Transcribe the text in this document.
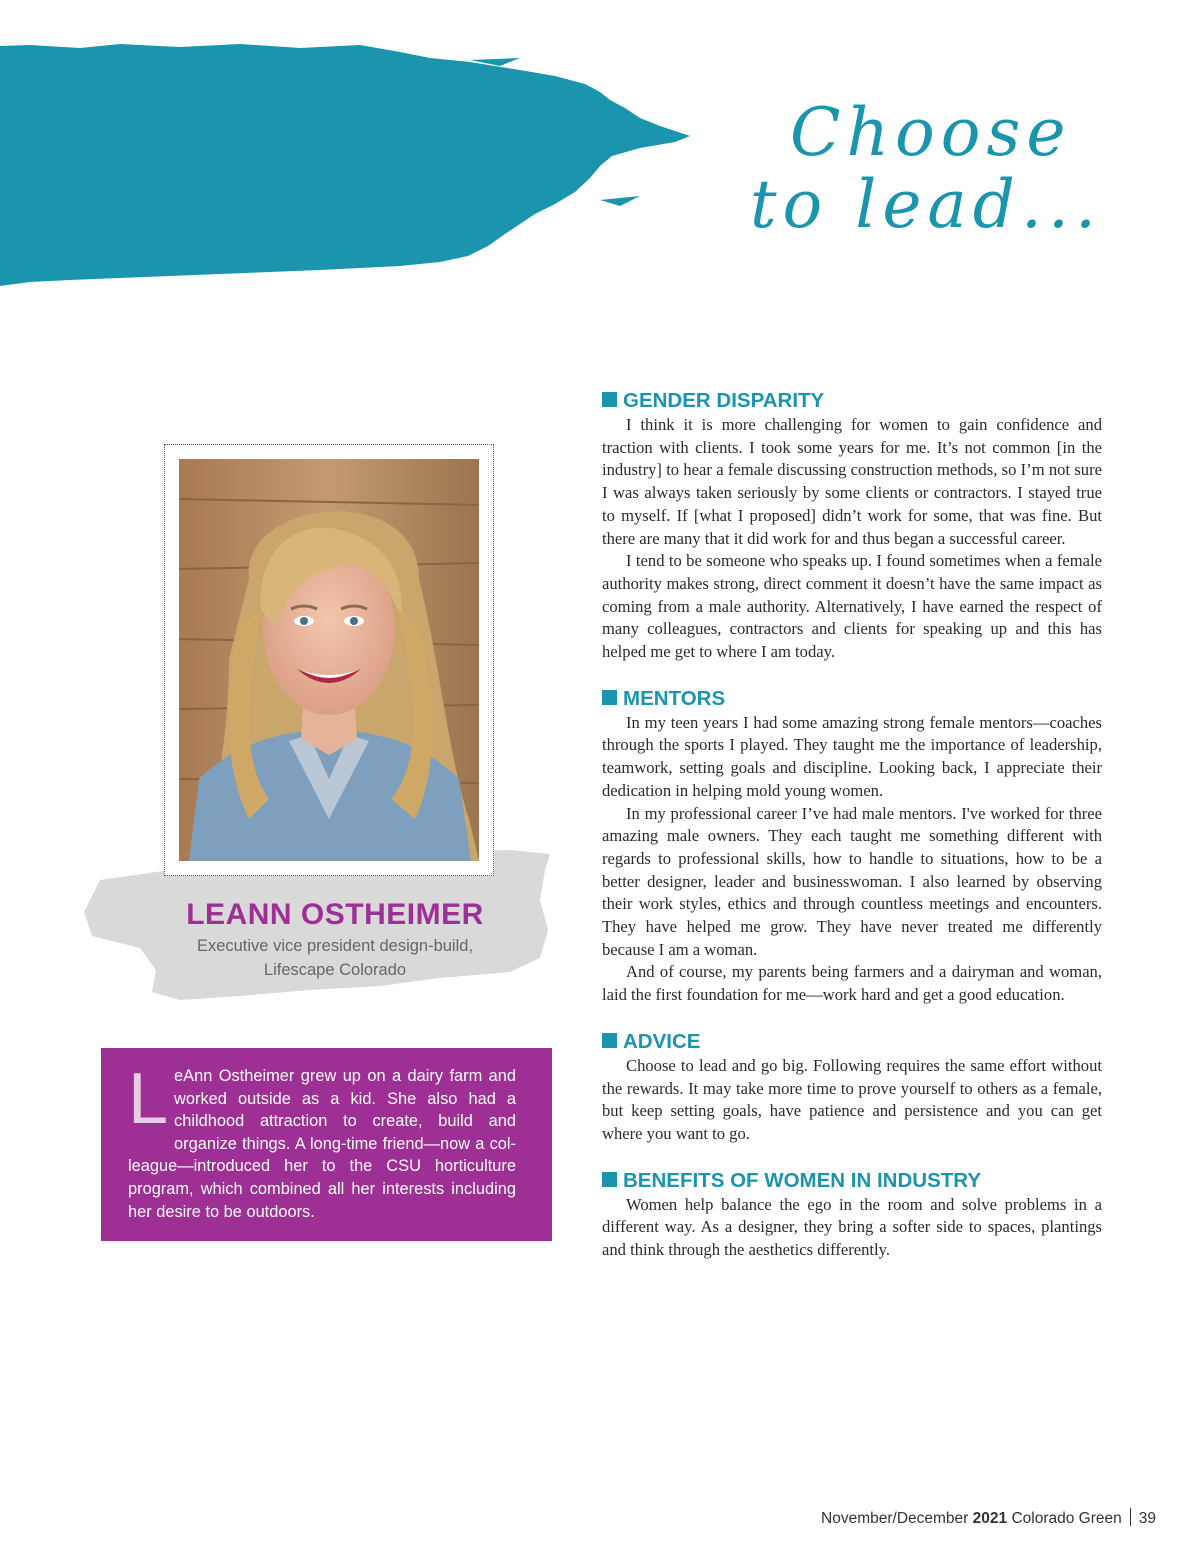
Choose
to lead...
LEANN OSTHEIMER
Executive vice president design-build,
Lifescape Colorado
L eAnn Ostheimer grew up on a dairy farm and worked outside as a kid. She also had a childhood attraction to create, build and organize things. A long-time friend—now a colleague—introduced her to the CSU horticulture program, which combined all her interests including her desire to be outdoors.

GENDER DISPARITY

I think it is more challenging for women to gain confidence and traction with clients. I took some years for me. It’s not common [in the industry] to hear a female discussing construction methods, so I’m not sure I was always taken seriously by some clients or contractors. I stayed true to myself. If [what I proposed] didn’t work for some, that was fine. But there are many that it did work for and thus began a successful career.

I tend to be someone who speaks up. I found sometimes when a female authority makes strong, direct comment it doesn’t have the same impact as coming from a male authority. Alternatively, I have earned the respect of many colleagues, contractors and clients for speaking up and this has helped me get to where I am today.

MENTORS

In my teen years I had some amazing strong female mentors—coaches through the sports I played. They taught me the importance of leadership, teamwork, setting goals and discipline. Looking back, I appreciate their dedication in helping mold young women.

In my professional career I’ve had male mentors. I've worked for three amazing male owners. They each taught me something different with regards to professional skills, how to handle to situations, how to be a better designer, leader and businesswoman. I also learned by observing their work styles, ethics and through countless meetings and encounters. They have helped me grow. They have never treated me differently because I am a woman.

And of course, my parents being farmers and a dairyman and woman, laid the first foundation for me—work hard and get a good education.

ADVICE

Choose to lead and go big. Following requires the same effort without the rewards. It may take more time to prove yourself to others as a female, but keep setting goals, have patience and persistence and you can get where you want to go.

BENEFITS OF WOMEN IN INDUSTRY

Women help balance the ego in the room and solve problems in a different way. As a designer, they bring a softer side to spaces, plantings and think through the aesthetics differently.

November/December 2021 Colorado Green 39
